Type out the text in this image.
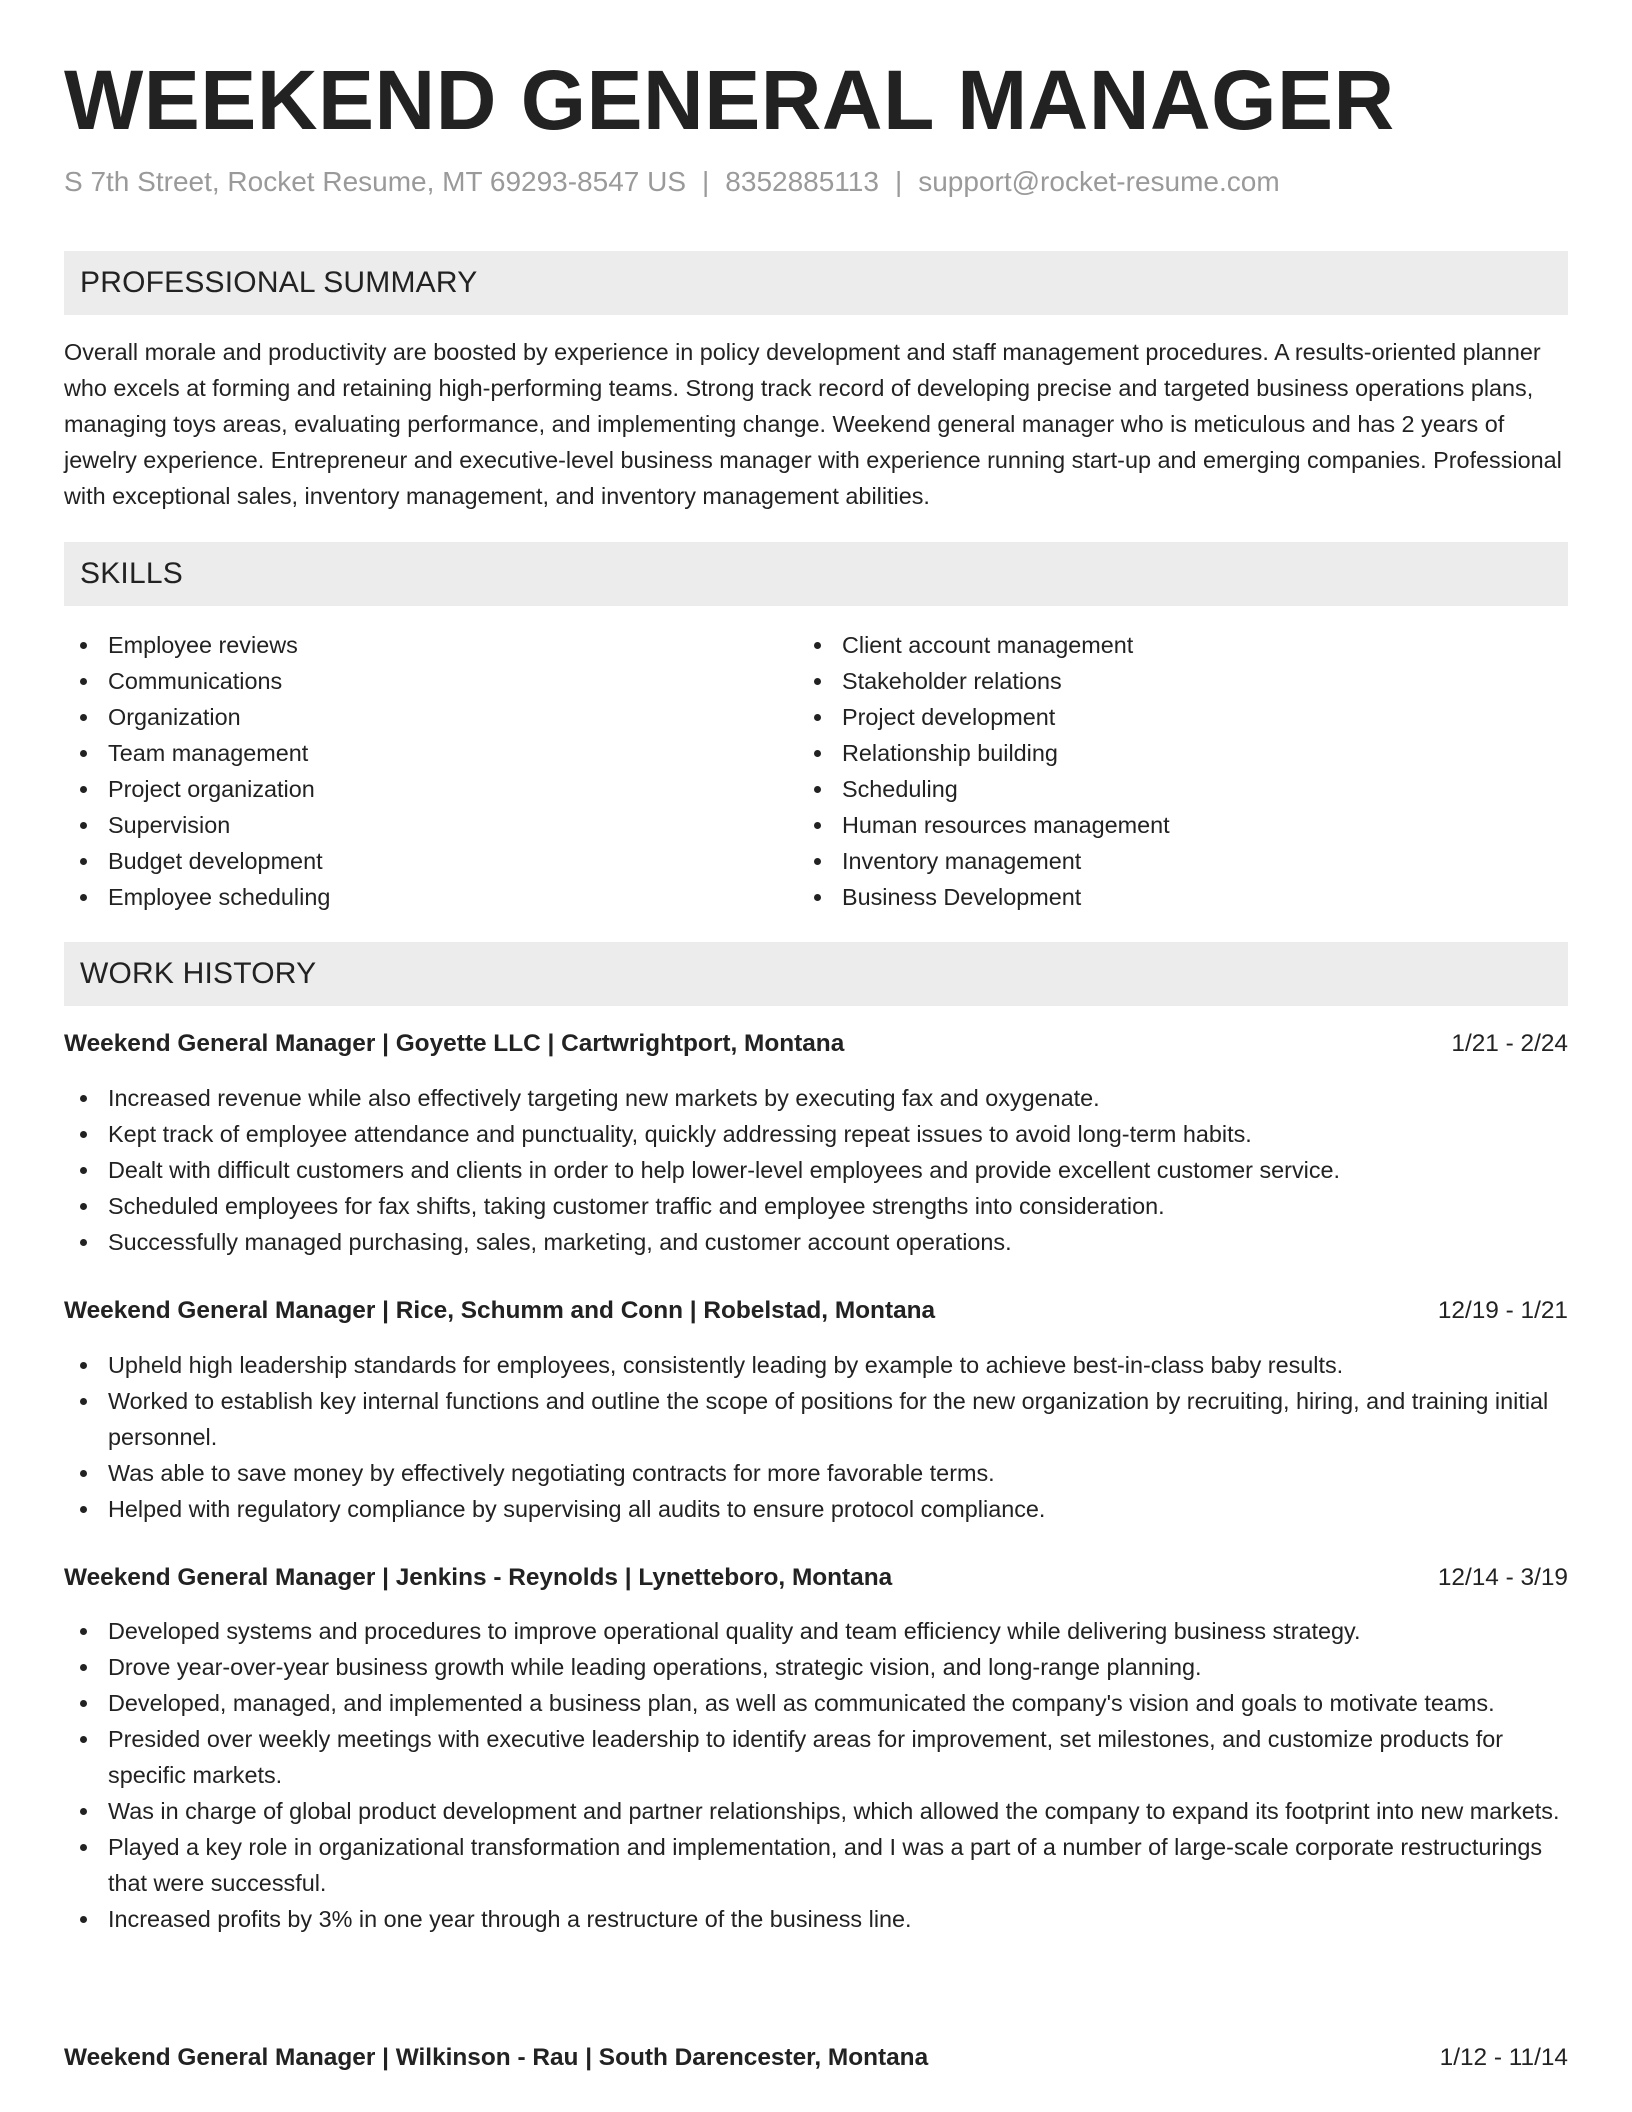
WEEKEND GENERAL MANAGER
S 7th Street, Rocket Resume, MT 69293-8547 US | 8352885113 | support@rocket-resume.com
PROFESSIONAL SUMMARY

Overall morale and productivity are boosted by experience in policy development and staff management procedures. A results-oriented planner who excels at forming and retaining high-performing teams. Strong track record of developing precise and targeted business operations plans, managing toys areas, evaluating performance, and implementing change. Weekend general manager who is meticulous and has 2 years of jewelry experience. Entrepreneur and executive-level business manager with experience running start-up and emerging companies. Professional with exceptional sales, inventory management, and inventory management abilities.

SKILLS
Employee reviews
Communications
Organization
Team management
Project organization
Supervision
Budget development
Employee scheduling
Client account management
Stakeholder relations
Project development
Relationship building
Scheduling
Human resources management
Inventory management
Business Development
WORK HISTORY
Weekend General Manager | Goyette LLC | Cartwrightport, Montana	1/21 - 2/24
Increased revenue while also effectively targeting new markets by executing fax and oxygenate.
Kept track of employee attendance and punctuality, quickly addressing repeat issues to avoid long-term habits.
Dealt with difficult customers and clients in order to help lower-level employees and provide excellent customer service.
Scheduled employees for fax shifts, taking customer traffic and employee strengths into consideration.
Successfully managed purchasing, sales, marketing, and customer account operations.
Weekend General Manager | Rice, Schumm and Conn | Robelstad, Montana	12/19 - 1/21
Upheld high leadership standards for employees, consistently leading by example to achieve best-in-class baby results.
Worked to establish key internal functions and outline the scope of positions for the new organization by recruiting, hiring, and training initial personnel.
Was able to save money by effectively negotiating contracts for more favorable terms.
Helped with regulatory compliance by supervising all audits to ensure protocol compliance.
Weekend General Manager | Jenkins - Reynolds | Lynetteboro, Montana	12/14 - 3/19
Developed systems and procedures to improve operational quality and team efficiency while delivering business strategy.
Drove year-over-year business growth while leading operations, strategic vision, and long-range planning.
Developed, managed, and implemented a business plan, as well as communicated the company's vision and goals to motivate teams.
Presided over weekly meetings with executive leadership to identify areas for improvement, set milestones, and customize products for specific markets.
Was in charge of global product development and partner relationships, which allowed the company to expand its footprint into new markets.
Played a key role in organizational transformation and implementation, and I was a part of a number of large-scale corporate restructurings that were successful.
Increased profits by 3% in one year through a restructure of the business line.
Weekend General Manager | Wilkinson - Rau | South Darencester, Montana	1/12 - 11/14
